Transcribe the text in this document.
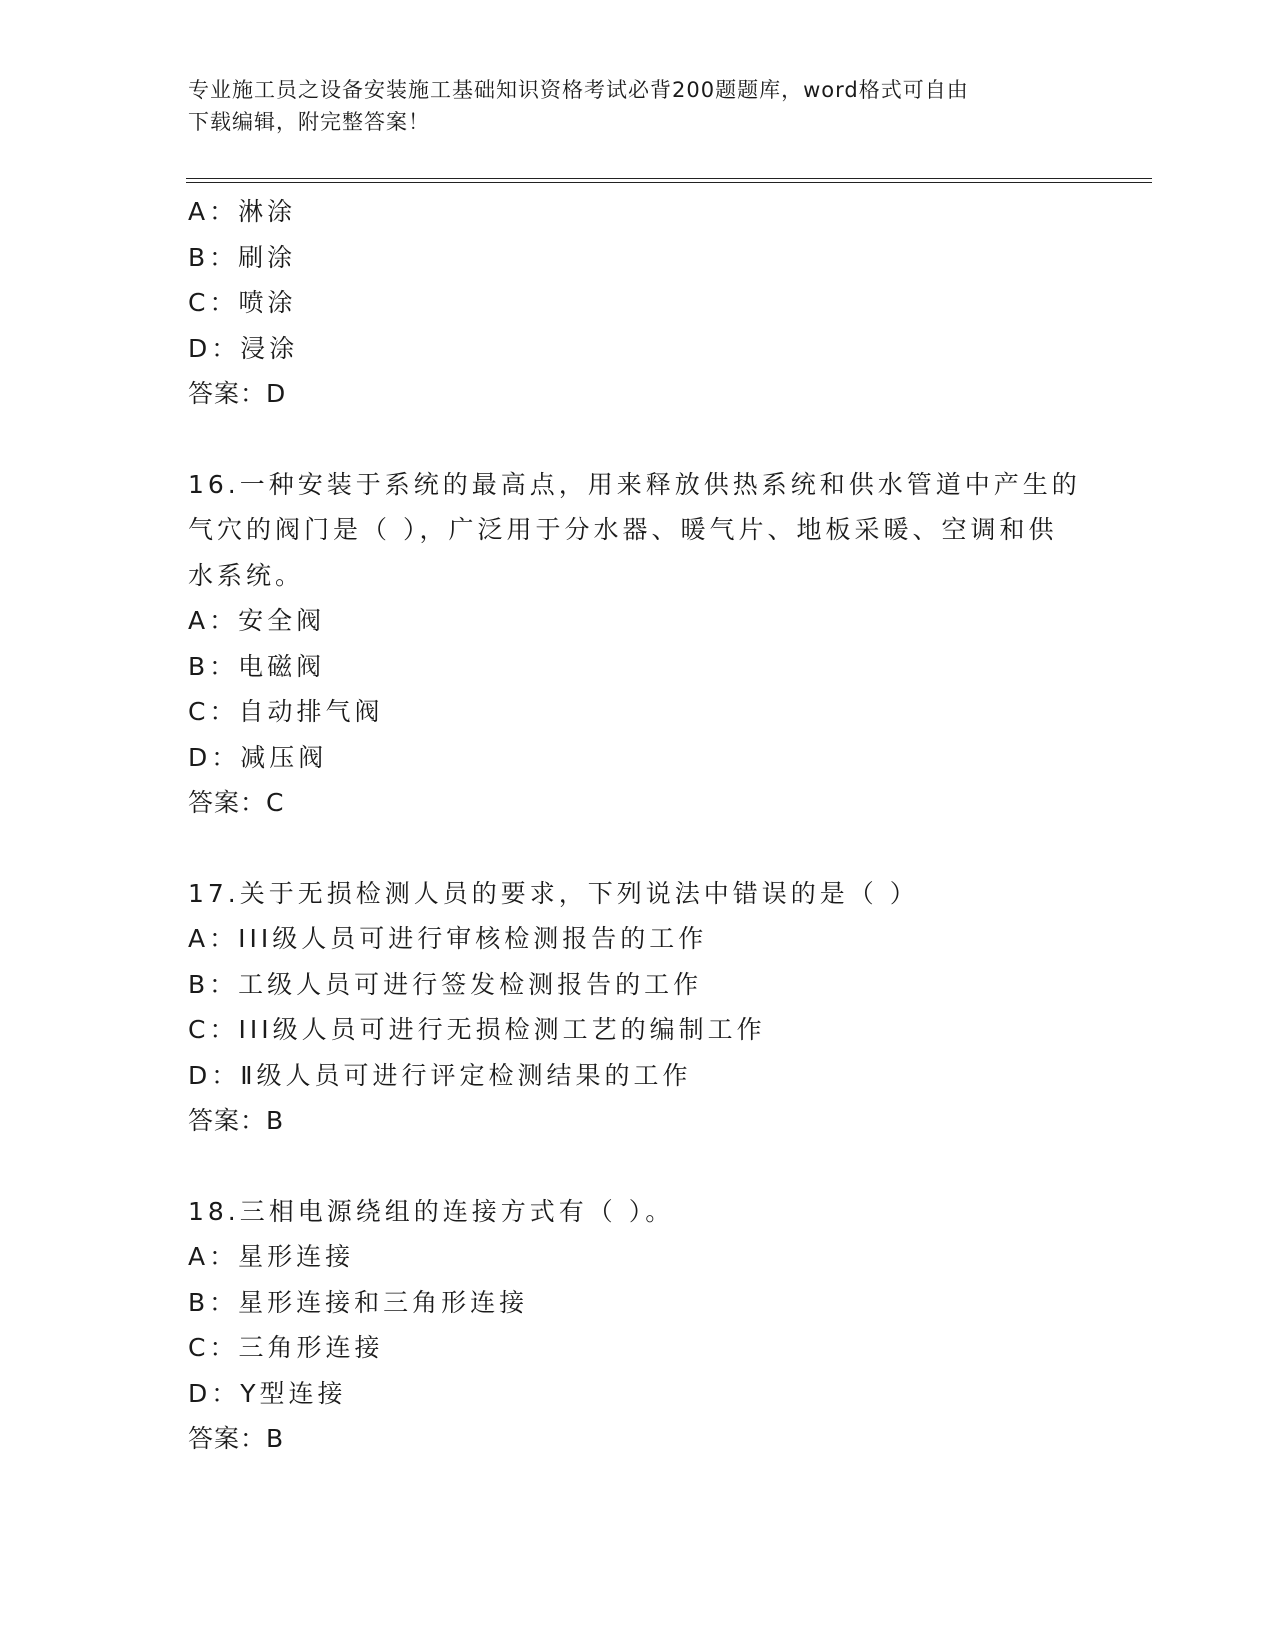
专业施工员之设备安装施工基础知识资格考试必背200题题库，word格式可自由
下载编辑，附完整答案！
A：淋涂
B：刷涂
C：喷涂
D：浸涂
答案：D
16.一种安装于系统的最高点，用来释放供热系统和供水管道中产生的
气穴的阀门是（ ），广泛用于分水器、暖气片、地板采暖、空调和供
水系统。
A：安全阀
B：电磁阀
C：自动排气阀
D：减压阀
答案：C
17.关于无损检测人员的要求，下列说法中错误的是（ ）
A：III级人员可进行审核检测报告的工作
B：工级人员可进行签发检测报告的工作
C：III级人员可进行无损检测工艺的编制工作
D：Ⅱ级人员可进行评定检测结果的工作
答案：B
18.三相电源绕组的连接方式有（ ）。
A：星形连接
B：星形连接和三角形连接
C：三角形连接
D：Y型连接
答案：B
